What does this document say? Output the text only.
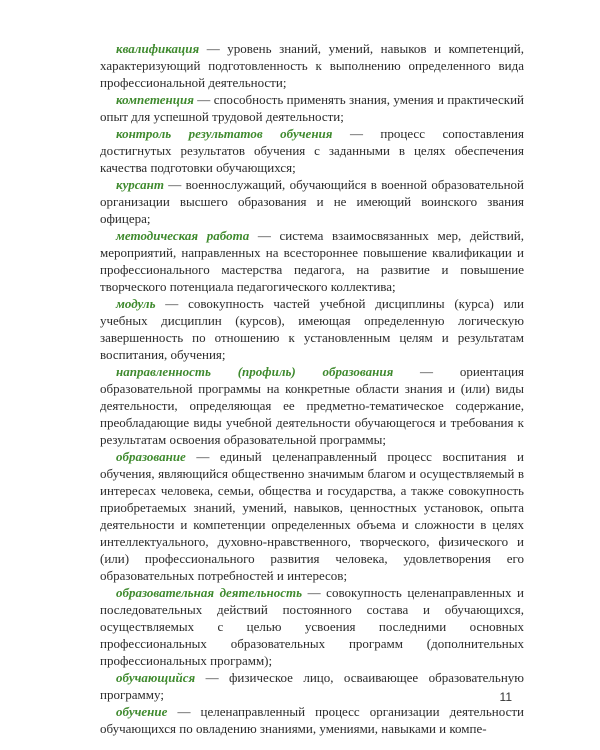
квалификация — уровень знаний, умений, навыков и компетенций, характеризующий подготовленность к выполнению определенного вида профессиональной деятельности;

компетенция — способность применять знания, умения и практический опыт для успешной трудовой деятельности;

контроль результатов обучения — процесс сопоставления достигнутых результатов обучения с заданными в целях обеспечения качества подготовки обучающихся;

курсант — военнослужащий, обучающийся в военной образовательной организации высшего образования и не имеющий воинского звания офицера;

методическая работа — система взаимосвязанных мер, действий, мероприятий, направленных на всестороннее повышение квалификации и профессионального мастерства педагога, на развитие и повышение творческого потенциала педагогического коллектива;

модуль — совокупность частей учебной дисциплины (курса) или учебных дисциплин (курсов), имеющая определенную логическую завершенность по отношению к установленным целям и результатам воспитания, обучения;

направленность (профиль) образования — ориентация образовательной программы на конкретные области знания и (или) виды деятельности, определяющая ее предметно-тематическое содержание, преобладающие виды учебной деятельности обучающегося и требования к результатам освоения образовательной программы;

образование — единый целенаправленный процесс воспитания и обучения, являющийся общественно значимым благом и осуществляемый в интересах человека, семьи, общества и государства, а также совокупность приобретаемых знаний, умений, навыков, ценностных установок, опыта деятельности и компетенции определенных объема и сложности в целях интеллектуального, духовно-нравственного, творческого, физического и (или) профессионального развития человека, удовлетворения его образовательных потребностей и интересов;

образовательная деятельность — совокупность целенаправленных и последовательных действий постоянного состава и обучающихся, осуществляемых с целью усвоения последними основных профессиональных образовательных программ (дополнительных профессиональных программ);

обучающийся — физическое лицо, осваивающее образовательную программу;

обучение — целенаправленный процесс организации деятельности обучающихся по овладению знаниями, умениями, навыками и компе-

11
